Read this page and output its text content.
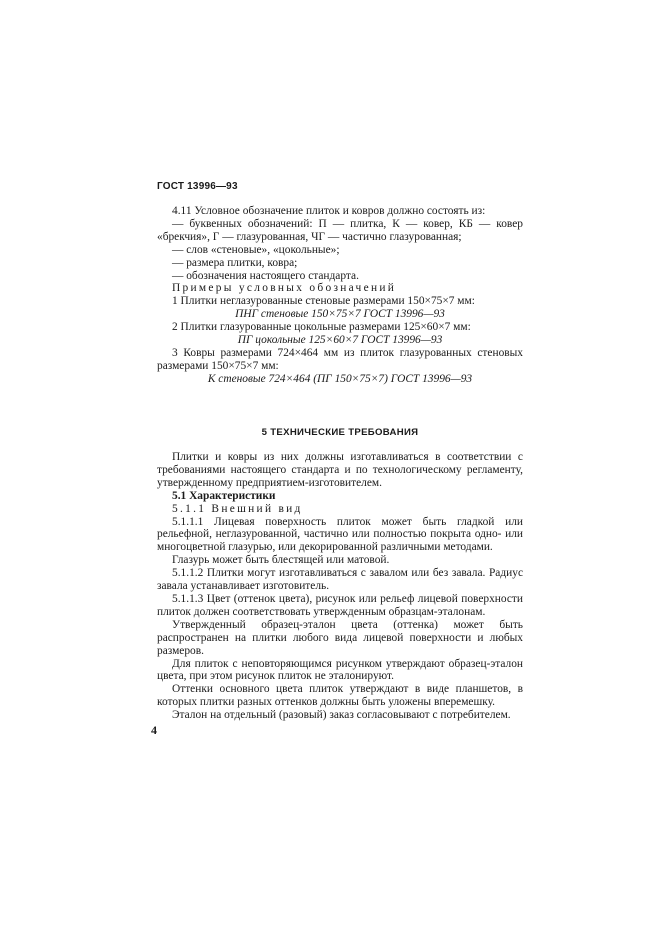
ГОСТ 13996—93

4.11 Условное обозначение плиток и ковров должно состоять из:

— буквенных обозначений: П — плитка, К — ковер, КБ — ковер «брекчия», Г — глазурованная, ЧГ — частично глазурованная;

— слов «стеновые», «цокольные»;

— размера плитки, ковра;

— обозначения настоящего стандарта.

Примеры условных обозначений

1 Плитки неглазурованные стеновые размерами 150×75×7 мм:

ПНГ стеновые 150×75×7 ГОСТ 13996—93

2 Плитки глазурованные цокольные размерами 125×60×7 мм:

ПГ цокольные 125×60×7 ГОСТ 13996—93

3 Ковры размерами 724×464 мм из плиток глазурованных стеновых размерами 150×75×7 мм:

К стеновые 724×464 (ПГ 150×75×7) ГОСТ 13996—93

5 ТЕХНИЧЕСКИЕ ТРЕБОВАНИЯ

Плитки и ковры из них должны изготавливаться в соответствии с требованиями настоящего стандарта и по технологическому регламенту, утвержденному предприятием-изготовителем.

5.1 Характеристики

5.1.1 Внешний вид

5.1.1.1 Лицевая поверхность плиток может быть гладкой или рельефной, неглазурованной, частично или полностью покрыта одно- или многоцветной глазурью, или декорированной различными методами.

Глазурь может быть блестящей или матовой.

5.1.1.2 Плитки могут изготавливаться с завалом или без завала. Радиус завала устанавливает изготовитель.

5.1.1.3 Цвет (оттенок цвета), рисунок или рельеф лицевой поверхности плиток должен соответствовать утвержденным образцам-эталонам.

Утвержденный образец-эталон цвета (оттенка) может быть распространен на плитки любого вида лицевой поверхности и любых размеров.

Для плиток с неповторяющимся рисунком утверждают образец-эталон цвета, при этом рисунок плиток не эталонируют.

Оттенки основного цвета плиток утверждают в виде планшетов, в которых плитки разных оттенков должны быть уложены вперемешку.

Эталон на отдельный (разовый) заказ согласовывают с потребителем.

4
